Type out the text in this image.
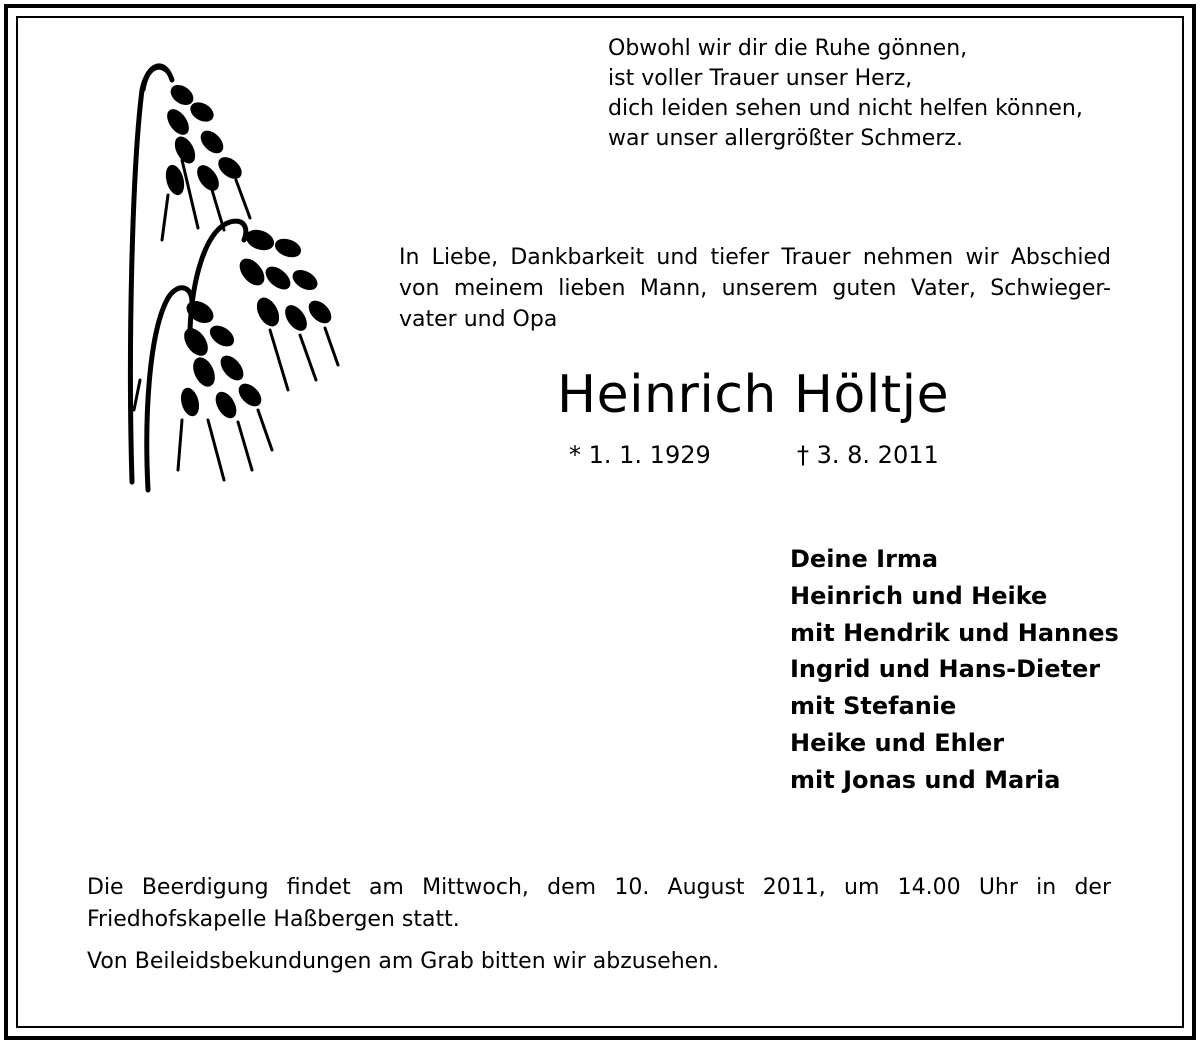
Obwohl wir dir die Ruhe gönnen,
ist voller Trauer unser Herz,
dich leiden sehen und nicht helfen können,
war unser allergrößter Schmerz.
In Liebe, Dankbarkeit und tiefer Trauer nehmen wir Abschied
von meinem lieben Mann, unserem guten Vater, Schwieger-
vater und Opa
Heinrich Höltje
* 1. 1. 1929	† 3. 8. 2011
Deine Irma
Heinrich und Heike
mit Hendrik und Hannes
Ingrid und Hans-Dieter
mit Stefanie
Heike und Ehler
mit Jonas und Maria
Die Beerdigung findet am Mittwoch, dem 10. August 2011, um 14.00 Uhr in der
Friedhofskapelle Haßbergen statt.
Von Beileidsbekundungen am Grab bitten wir abzusehen.
